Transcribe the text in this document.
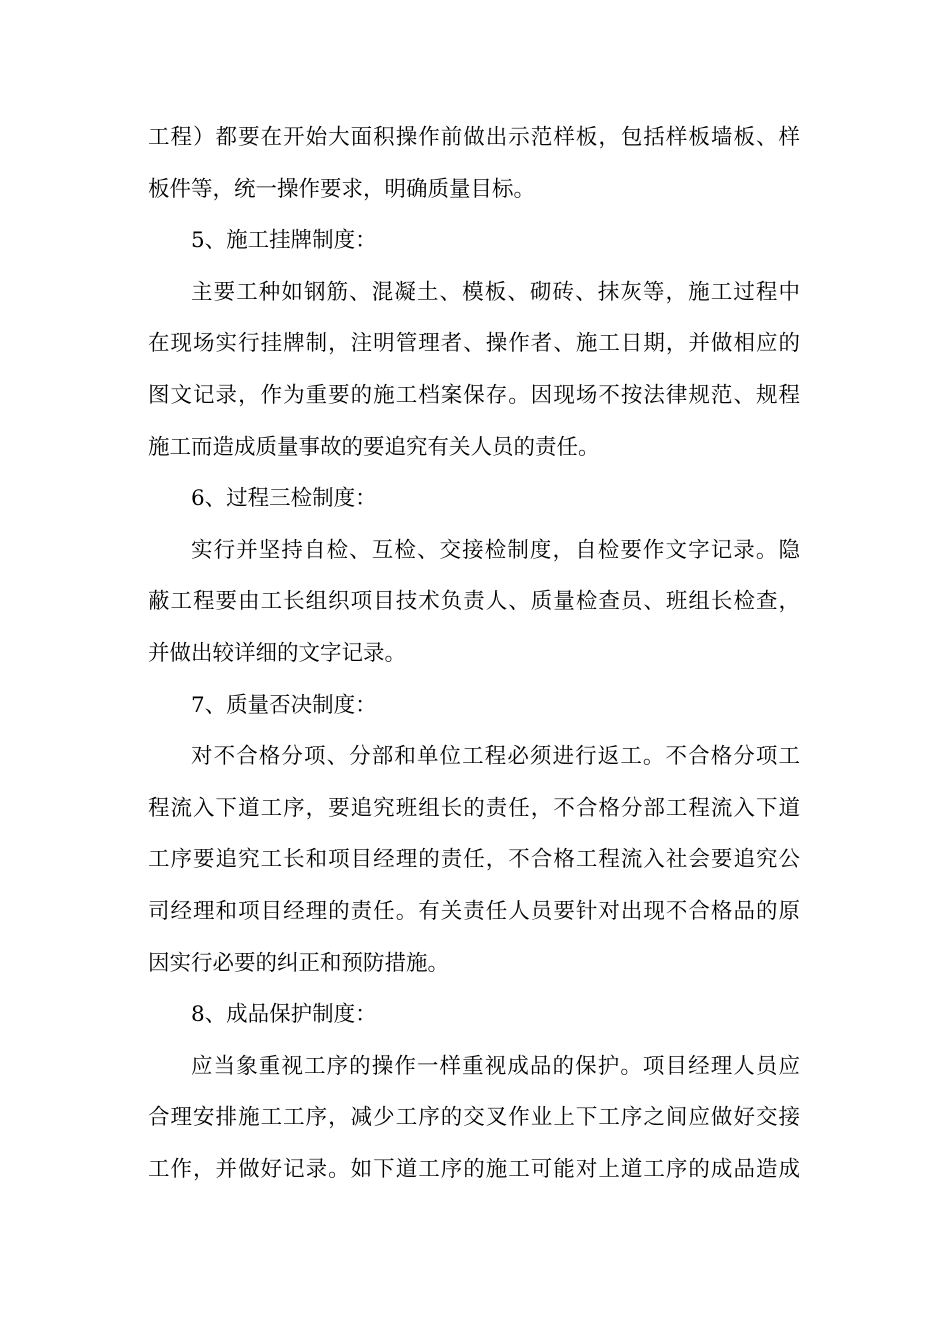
工程）都要在开始大面积操作前做出示范样板，包括样板墙板、样
板件等，统一操作要求，明确质量目标。
5、施工挂牌制度：
主要工种如钢筋、混凝土、模板、砌砖、抹灰等，施工过程中
在现场实行挂牌制，注明管理者、操作者、施工日期，并做相应的
图文记录，作为重要的施工档案保存。因现场不按法律规范、规程
施工而造成质量事故的要追究有关人员的责任。
6、过程三检制度：
实行并坚持自检、互检、交接检制度，自检要作文字记录。隐
蔽工程要由工长组织项目技术负责人、质量检查员、班组长检查，
并做出较详细的文字记录。
7、质量否决制度：
对不合格分项、分部和单位工程必须进行返工。不合格分项工
程流入下道工序，要追究班组长的责任，不合格分部工程流入下道
工序要追究工长和项目经理的责任，不合格工程流入社会要追究公
司经理和项目经理的责任。有关责任人员要针对出现不合格品的原
因实行必要的纠正和预防措施。
8、成品保护制度：
应当象重视工序的操作一样重视成品的保护。项目经理人员应
合理安排施工工序，减少工序的交叉作业上下工序之间应做好交接
工作，并做好记录。如下道工序的施工可能对上道工序的成品造成
